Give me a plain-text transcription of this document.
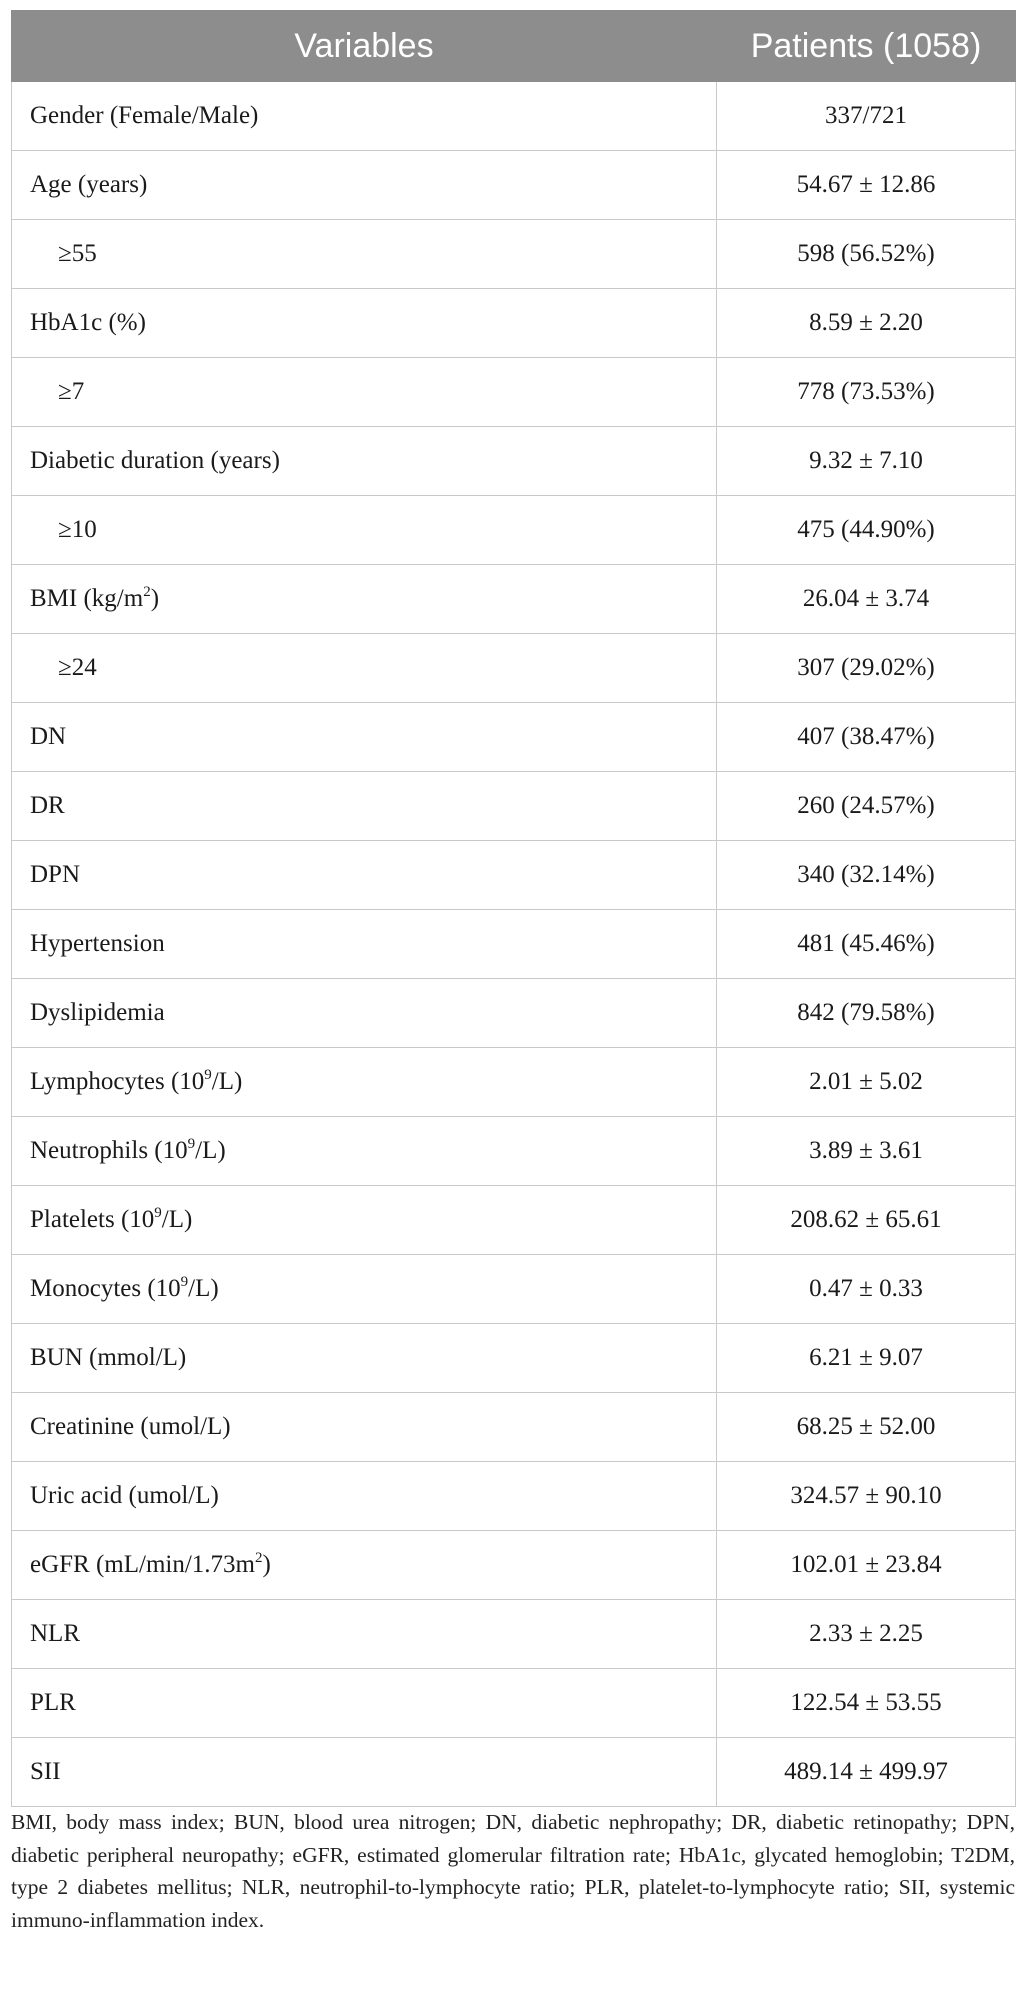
Variables	Patients (1058)
Gender (Female/Male)	337/721
Age (years)	54.67 ± 12.86
≥55	598 (56.52%)
HbA1c (%)	8.59 ± 2.20
≥7	778 (73.53%)
Diabetic duration (years)	9.32 ± 7.10
≥10	475 (44.90%)
BMI $(kg/m^2)$	26.04 ± 3.74
≥24	307 (29.02%)
DN	407 (38.47%)
DR	260 (24.57%)
DPN	340 (32.14%)
Hypertension	481 (45.46%)
Dyslipidemia	842 (79.58%)
Lymphocytes $(10^9/L)$	2.01 ± 5.02
Neutrophils $(10^9/L)$	3.89 ± 3.61
Platelets $(10^9/L)$	208.62 ± 65.61
Monocytes $(10^9/L)$	0.47 ± 0.33
BUN (mmol/L)	6.21 ± 9.07
Creatinine (umol/L)	68.25 ± 52.00
Uric acid (umol/L)	324.57 ± 90.10
eGFR $(mL/\min/1.73m^2)$	102.01 ± 23.84
NLR	2.33 ± 2.25
PLR	122.54 ± 53.55
SII	489.14 ± 499.97
BMI, body mass index; BUN, blood urea nitrogen; DN, diabetic nephropathy; DR, diabetic retinopathy; DPN, diabetic peripheral neuropathy; eGFR, estimated glomerular filtration rate; HbA1c, glycated hemoglobin; T2DM, type 2 diabetes mellitus; NLR, neutrophil-to-lymphocyte ratio; PLR, platelet-to-lymphocyte ratio; SII, systemic immuno-inflammation index.
